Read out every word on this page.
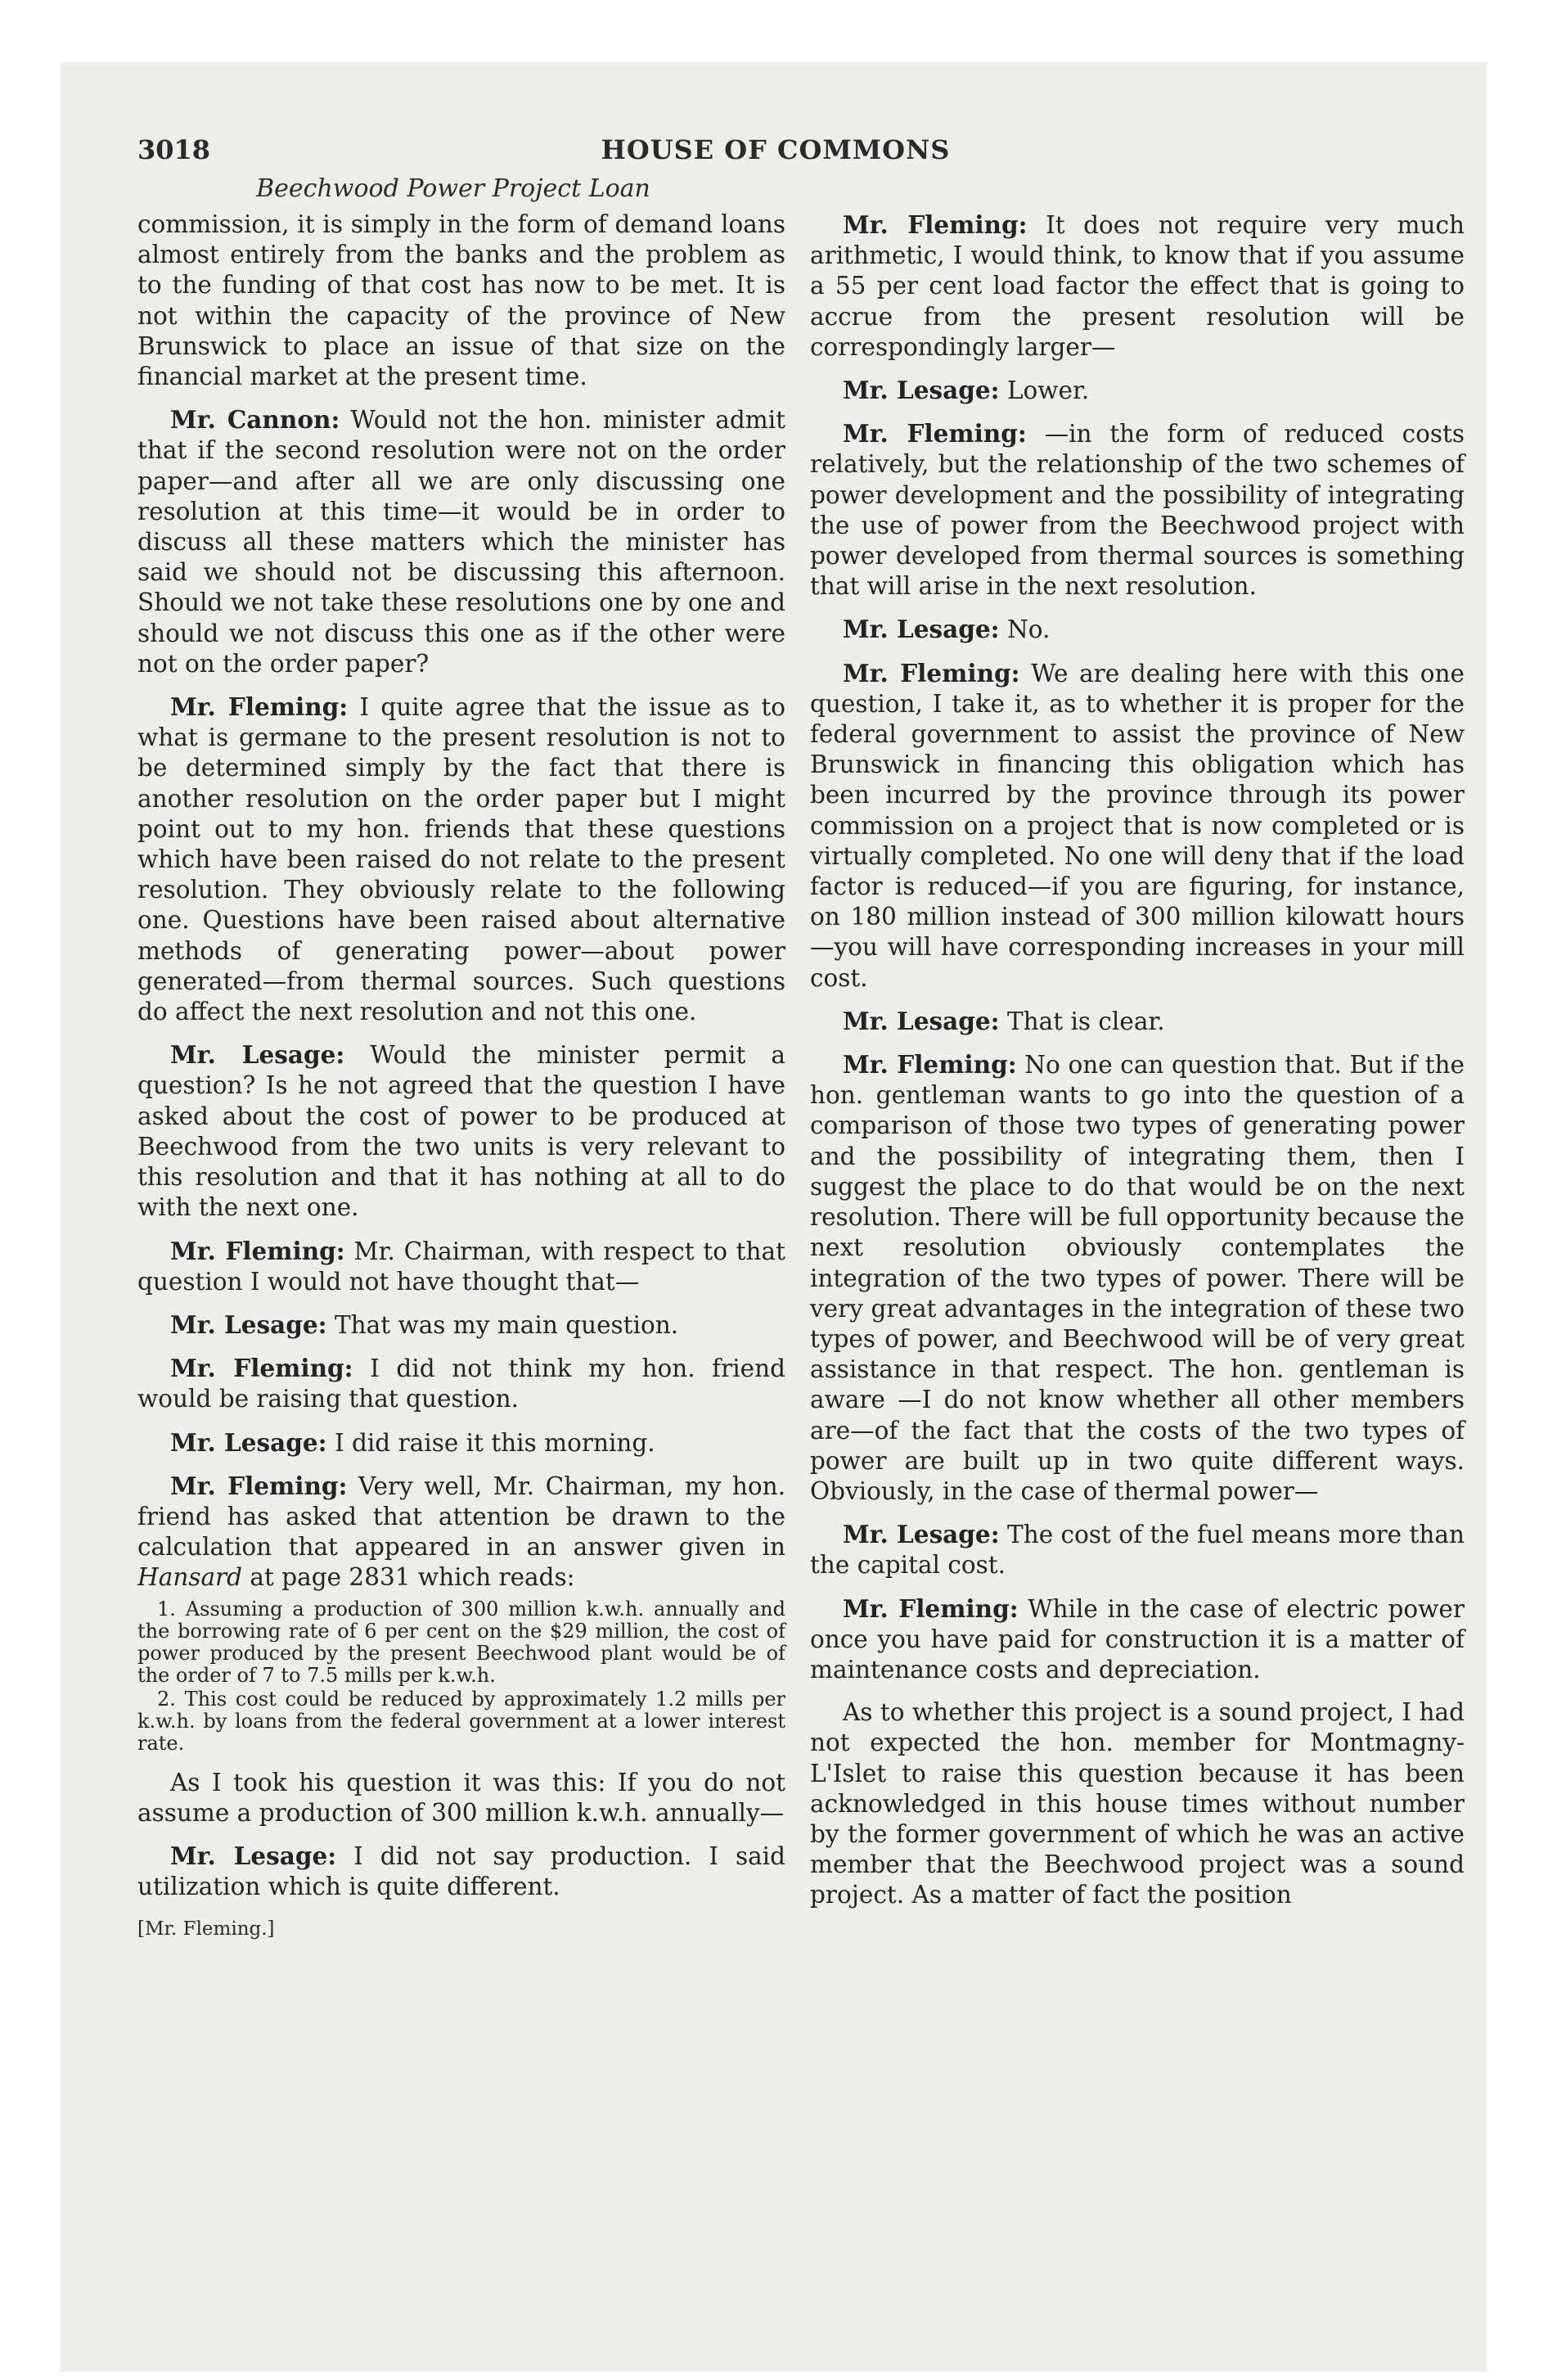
3018	HOUSE OF COMMONS
Beechwood Power Project Loan

commission, it is simply in the form of demand loans almost entirely from the banks and the problem as to the funding of that cost has now to be met. It is not within the capacity of the province of New Brunswick to place an issue of that size on the financial market at the present time.

Mr. Cannon: Would not the hon. minister admit that if the second resolution were not on the order paper—and after all we are only discussing one resolution at this time—it would be in order to discuss all these matters which the minister has said we should not be discussing this afternoon. Should we not take these resolutions one by one and should we not discuss this one as if the other were not on the order paper?

Mr. Fleming: I quite agree that the issue as to what is germane to the present resolution is not to be determined simply by the fact that there is another resolution on the order paper but I might point out to my hon. friends that these questions which have been raised do not relate to the present resolution. They obviously relate to the following one. Questions have been raised about alternative methods of generating power—about power generated—from thermal sources. Such questions do affect the next resolution and not this one.

Mr. Lesage: Would the minister permit a question? Is he not agreed that the question I have asked about the cost of power to be produced at Beechwood from the two units is very relevant to this resolution and that it has nothing at all to do with the next one.

Mr. Fleming: Mr. Chairman, with respect to that question I would not have thought that—

Mr. Lesage: That was my main question.

Mr. Fleming: I did not think my hon. friend would be raising that question.

Mr. Lesage: I did raise it this morning.

Mr. Fleming: Very well, Mr. Chairman, my hon. friend has asked that attention be drawn to the calculation that appeared in an answer given in Hansard at page 2831 which reads:

1. Assuming a production of 300 million k.w.h. annually and the borrowing rate of 6 per cent on the $29 million, the cost of power produced by the present Beechwood plant would be of the order of 7 to 7.5 mills per k.w.h.

2. This cost could be reduced by approximately 1.2 mills per k.w.h. by loans from the federal government at a lower interest rate.

As I took his question it was this: If you do not assume a production of 300 million k.w.h. annually—

Mr. Lesage: I did not say production. I said utilization which is quite different.

[Mr. Fleming.]

Mr. Fleming: It does not require very much arithmetic, I would think, to know that if you assume a 55 per cent load factor the effect that is going to accrue from the present resolution will be correspondingly larger—

Mr. Lesage: Lower.

Mr. Fleming: —in the form of reduced costs relatively, but the relationship of the two schemes of power development and the possibility of integrating the use of power from the Beechwood project with power developed from thermal sources is something that will arise in the next resolution.

Mr. Lesage: No.

Mr. Fleming: We are dealing here with this one question, I take it, as to whether it is proper for the federal government to assist the province of New Brunswick in financing this obligation which has been incurred by the province through its power commission on a project that is now completed or is virtually completed. No one will deny that if the load factor is reduced—if you are figuring, for instance, on 180 million instead of 300 million kilowatt hours—you will have corresponding increases in your mill cost.

Mr. Lesage: That is clear.

Mr. Fleming: No one can question that. But if the hon. gentleman wants to go into the question of a comparison of those two types of generating power and the possibility of integrating them, then I suggest the place to do that would be on the next resolution. There will be full opportunity because the next resolution obviously contemplates the integration of the two types of power. There will be very great advantages in the integration of these two types of power, and Beechwood will be of very great assistance in that respect. The hon. gentleman is aware —I do not know whether all other members are—of the fact that the costs of the two types of power are built up in two quite different ways. Obviously, in the case of thermal power—

Mr. Lesage: The cost of the fuel means more than the capital cost.

Mr. Fleming: While in the case of electric power once you have paid for construction it is a matter of maintenance costs and depreciation.

As to whether this project is a sound project, I had not expected the hon. member for Montmagny-L'Islet to raise this question because it has been acknowledged in this house times without number by the former government of which he was an active member that the Beechwood project was a sound project. As a matter of fact the position
